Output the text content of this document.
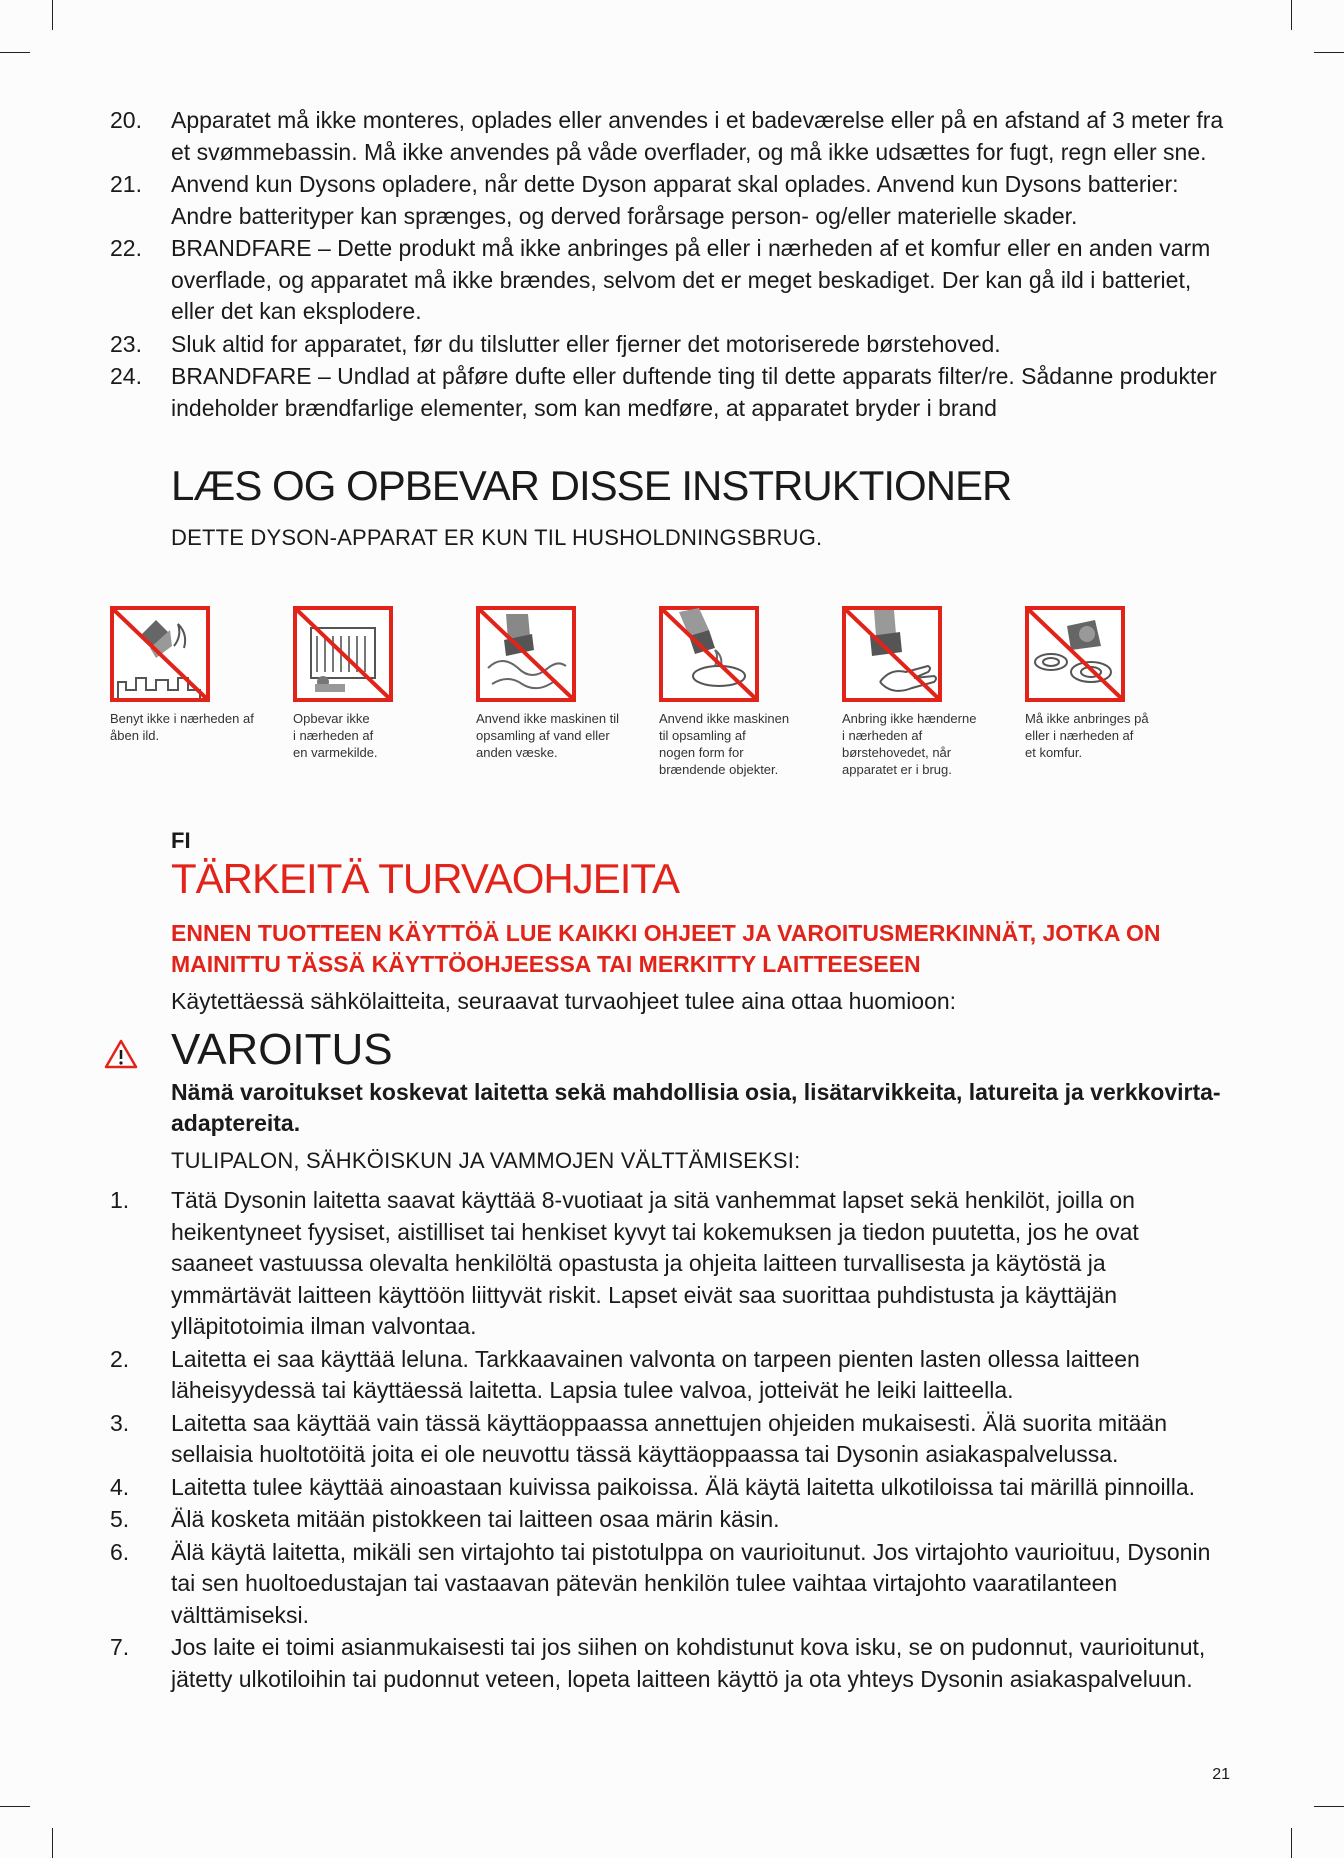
20. Apparatet må ikke monteres, oplades eller anvendes i et badeværelse eller på en afstand af 3 meter fra et svømmebassin. Må ikke anvendes på våde overflader, og må ikke udsættes for fugt, regn eller sne.
21. Anvend kun Dysons opladere, når dette Dyson apparat skal oplades. Anvend kun Dysons batterier: Andre batterityper kan sprænges, og derved forårsage person- og/eller materielle skader.
22. BRANDFARE – Dette produkt må ikke anbringes på eller i nærheden af et komfur eller en anden varm overflade, og apparatet må ikke brændes, selvom det er meget beskadiget. Der kan gå ild i batteriet, eller det kan eksplodere.
23. Sluk altid for apparatet, før du tilslutter eller fjerner det motoriserede børstehoved.
24. BRANDFARE – Undlad at påføre dufte eller duftende ting til dette apparats filter/re. Sådanne produkter indeholder brændfarlige elementer, som kan medføre, at apparatet bryder i brand
LÆS OG OPBEVAR DISSE INSTRUKTIONER
DETTE DYSON-APPARAT ER KUN TIL HUSHOLDNINGSBRUG.
Benyt ikke i nærheden af
åben ild.
Opbevar ikke
i nærheden af
en varmekilde.
Anvend ikke maskinen til
opsamling af vand eller
anden væske.
Anvend ikke maskinen
til opsamling af
nogen form for
brændende objekter.
Anbring ikke hænderne
i nærheden af
børstehovedet, når
apparatet er i brug.
Må ikke anbringes på
eller i nærheden af
et komfur.
FI
TÄRKEITÄ TURVAOHJEITA
ENNEN TUOTTEEN KÄYTTÖÄ LUE KAIKKI OHJEET JA VAROITUSMERKINNÄT, JOTKA ON MAINITTU TÄSSÄ KÄYTTÖOHJEESSA TAI MERKITTY LAITTEESEEN
Käytettäessä sähkölaitteita, seuraavat turvaohjeet tulee aina ottaa huomioon:
VAROITUS
Nämä varoitukset koskevat laitetta sekä mahdollisia osia, lisätarvikkeita, latureita ja verkkovirta-adaptereita.
TULIPALON, SÄHKÖISKUN JA VAMMOJEN VÄLTTÄMISEKSI:
1. Tätä Dysonin laitetta saavat käyttää 8-vuotiaat ja sitä vanhemmat lapset sekä henkilöt, joilla on heikentyneet fyysiset, aistilliset tai henkiset kyvyt tai kokemuksen ja tiedon puutetta, jos he ovat saaneet vastuussa olevalta henkilöltä opastusta ja ohjeita laitteen turvallisesta ja käytöstä ja ymmärtävät laitteen käyttöön liittyvät riskit. Lapset eivät saa suorittaa puhdistusta ja käyttäjän ylläpitotoimia ilman valvontaa.
2. Laitetta ei saa käyttää leluna. Tarkkaavainen valvonta on tarpeen pienten lasten ollessa laitteen läheisyydessä tai käyttäessä laitetta. Lapsia tulee valvoa, jotteivät he leiki laitteella.
3. Laitetta saa käyttää vain tässä käyttäoppaassa annettujen ohjeiden mukaisesti. Älä suorita mitään sellaisia huoltotöitä joita ei ole neuvottu tässä käyttäoppaassa tai Dysonin asiakaspalvelussa.
4. Laitetta tulee käyttää ainoastaan kuivissa paikoissa. Älä käytä laitetta ulkotiloissa tai märillä pinnoilla.
5. Älä kosketa mitään pistokkeen tai laitteen osaa märin käsin.
6. Älä käytä laitetta, mikäli sen virtajohto tai pistotulppa on vaurioitunut. Jos virtajohto vaurioituu, Dysonin tai sen huoltoedustajan tai vastaavan pätevän henkilön tulee vaihtaa virtajohto vaaratilanteen välttämiseksi.
7. Jos laite ei toimi asianmukaisesti tai jos siihen on kohdistunut kova isku, se on pudonnut, vaurioitunut, jätetty ulkotiloihin tai pudonnut veteen, lopeta laitteen käyttö ja ota yhteys Dysonin asiakaspalveluun.
21
